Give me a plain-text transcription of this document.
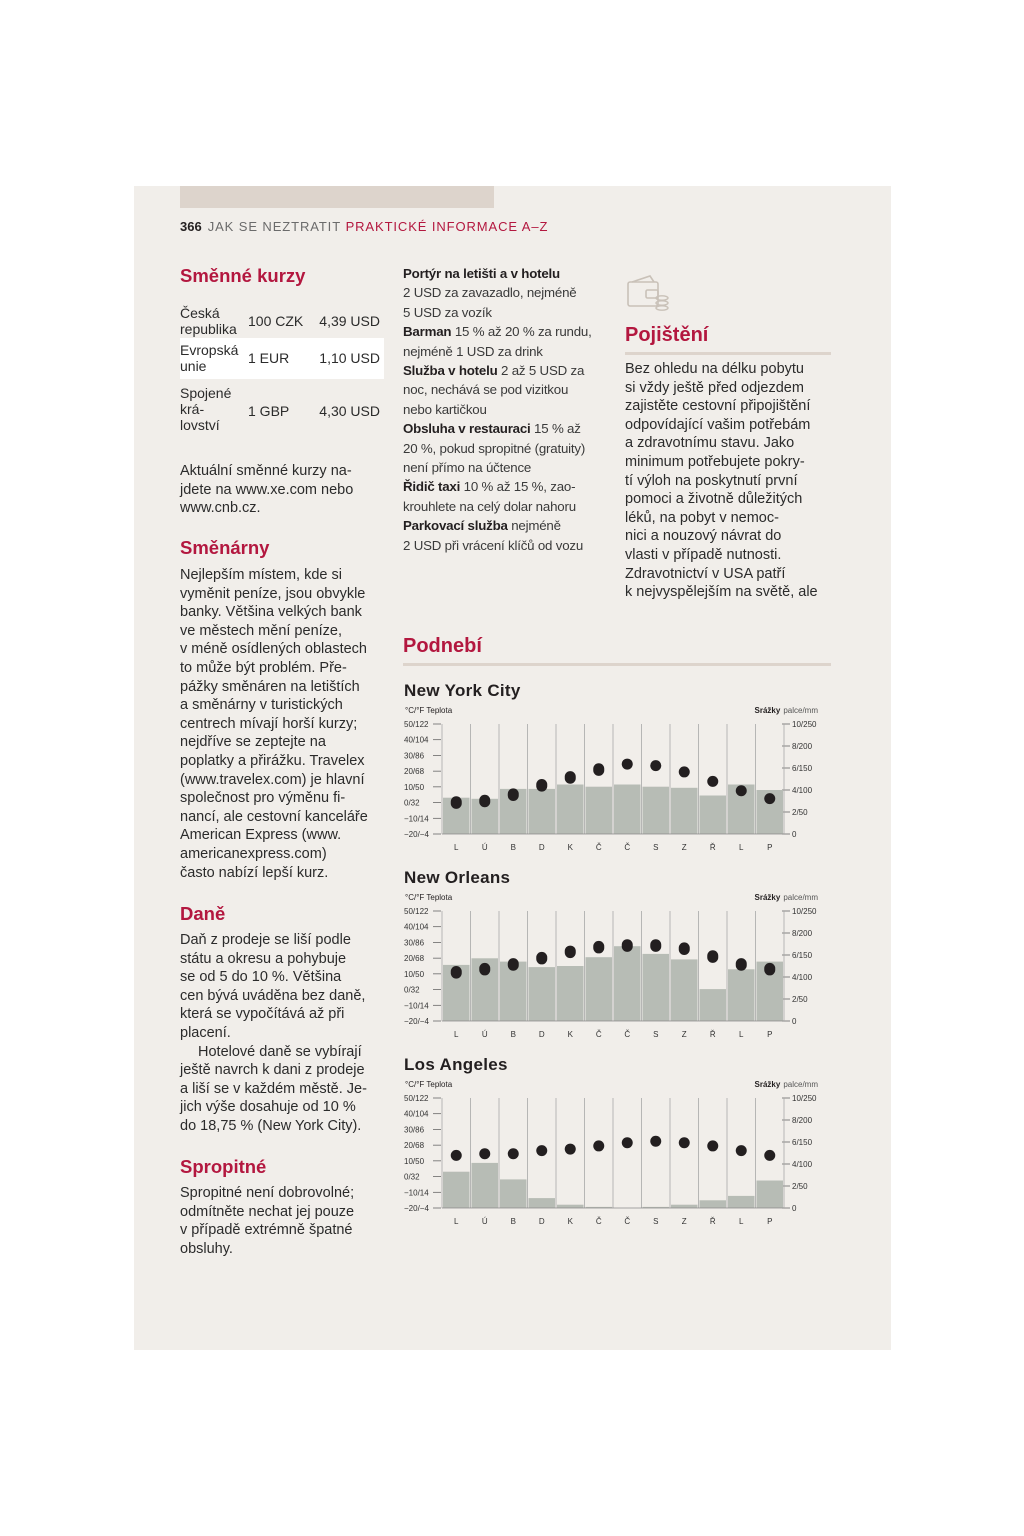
366 JAK SE NEZTRATIT PRAKTICKÉ INFORMACE A–Z
Směnné kurzy
Česká
republika 100 CZK 4,39 USD
Evropská
unie	1 EUR 1,10 USD
Spojené
krá-
lovství
1 GBP 4,30 USD
Aktuální směnné kurzy na-
jdete na www.xe.com nebo
www.cnb.cz.
Směnárny
Nejlepším místem, kde si
vyměnit peníze, jsou obvykle
banky. Většina velkých bank
ve městech mění peníze,
v méně osídlených oblastech
to může být problém. Pře-
pážky směnáren na letištích
a směnárny v turistických
centrech mívají horší kurzy;
nejdříve se zeptejte na
poplatky a přirážku. Travelex
(www.travelex.com) je hlavní
společnost pro výměnu fi-
nancí, ale cestovní kanceláře
American Express (www.
americanexpress.com)
často nabízí lepší kurz.
Daně
Daň z prodeje se liší podle
státu a okresu a pohybuje
se od 5 do 10 %. Většina
cen bývá uváděna bez daně,
která se vypočítává až při
placení.
Hotelové daně se vybírají
ještě navrch k dani z prodeje
a liší se v každém městě. Je-
jich výše dosahuje od 10 %
do 18,75 % (New York City).
Spropitné
Spropitné není dobrovolné;
odmítněte nechat jej pouze
v případě extrémně špatné
obsluhy.
Portýr na letišti a v hotelu
2 USD za zavazadlo, nejméně
5 USD za vozík
Barman 15 % až 20 % za rundu,
nejméně 1 USD za drink
Služba v hotelu 2 až 5 USD za
noc, nechává se pod vizitkou
nebo kartičkou
Obsluha v restauraci 15 % až
20 %, pokud spropitné (gratuity)
není přímo na účtence
Řidič taxi 10 % až 15 %, zao-
krouhlete na celý dolar nahoru
Parkovací služba nejméně
2 USD při vrácení klíčů od vozu
Pojištění
Bez ohledu na délku pobytu
si vždy ještě před odjezdem
zajistěte cestovní připojištění
odpovídající vašim potřebám
a zdravotnímu stavu. Jako
minimum potřebujete pokry-
tí výloh na poskytnutí první
pomoci a životně důležitých
léků, na pobyt v nemoc-
nici a nouzový návrat do
vlasti v případě nutnosti.
Zdravotnictví v USA patří
k nejvyspělejším na světě, ale
Podnebí
New York City
°C/°F Teplota	Srážky palce/mm
50/122
40/104
30/86
20/68
10/50
0/32
−10/14
−20/−4
10/250
8/200
6/150
4/100
2/50
0
L	Ú	B	D	K	Č	Č	S	Z	Ř	L	P
New Orleans
°C/°F Teplota	Srážky palce/mm
50/122
40/104
30/86
20/68
10/50
0/32
−10/14
−20/−4
10/250
8/200
6/150
4/100
2/50
0
L	Ú	B	D	K	Č	Č	S	Z	Ř	L	P
Los Angeles
°C/°F Teplota	Srážky palce/mm
50/122
40/104
30/86
20/68
10/50
0/32
−10/14
−20/−4
10/250
8/200
6/150
4/100
2/50
0
L	Ú	B	D	K	Č	Č	S	Z	Ř	L	P
